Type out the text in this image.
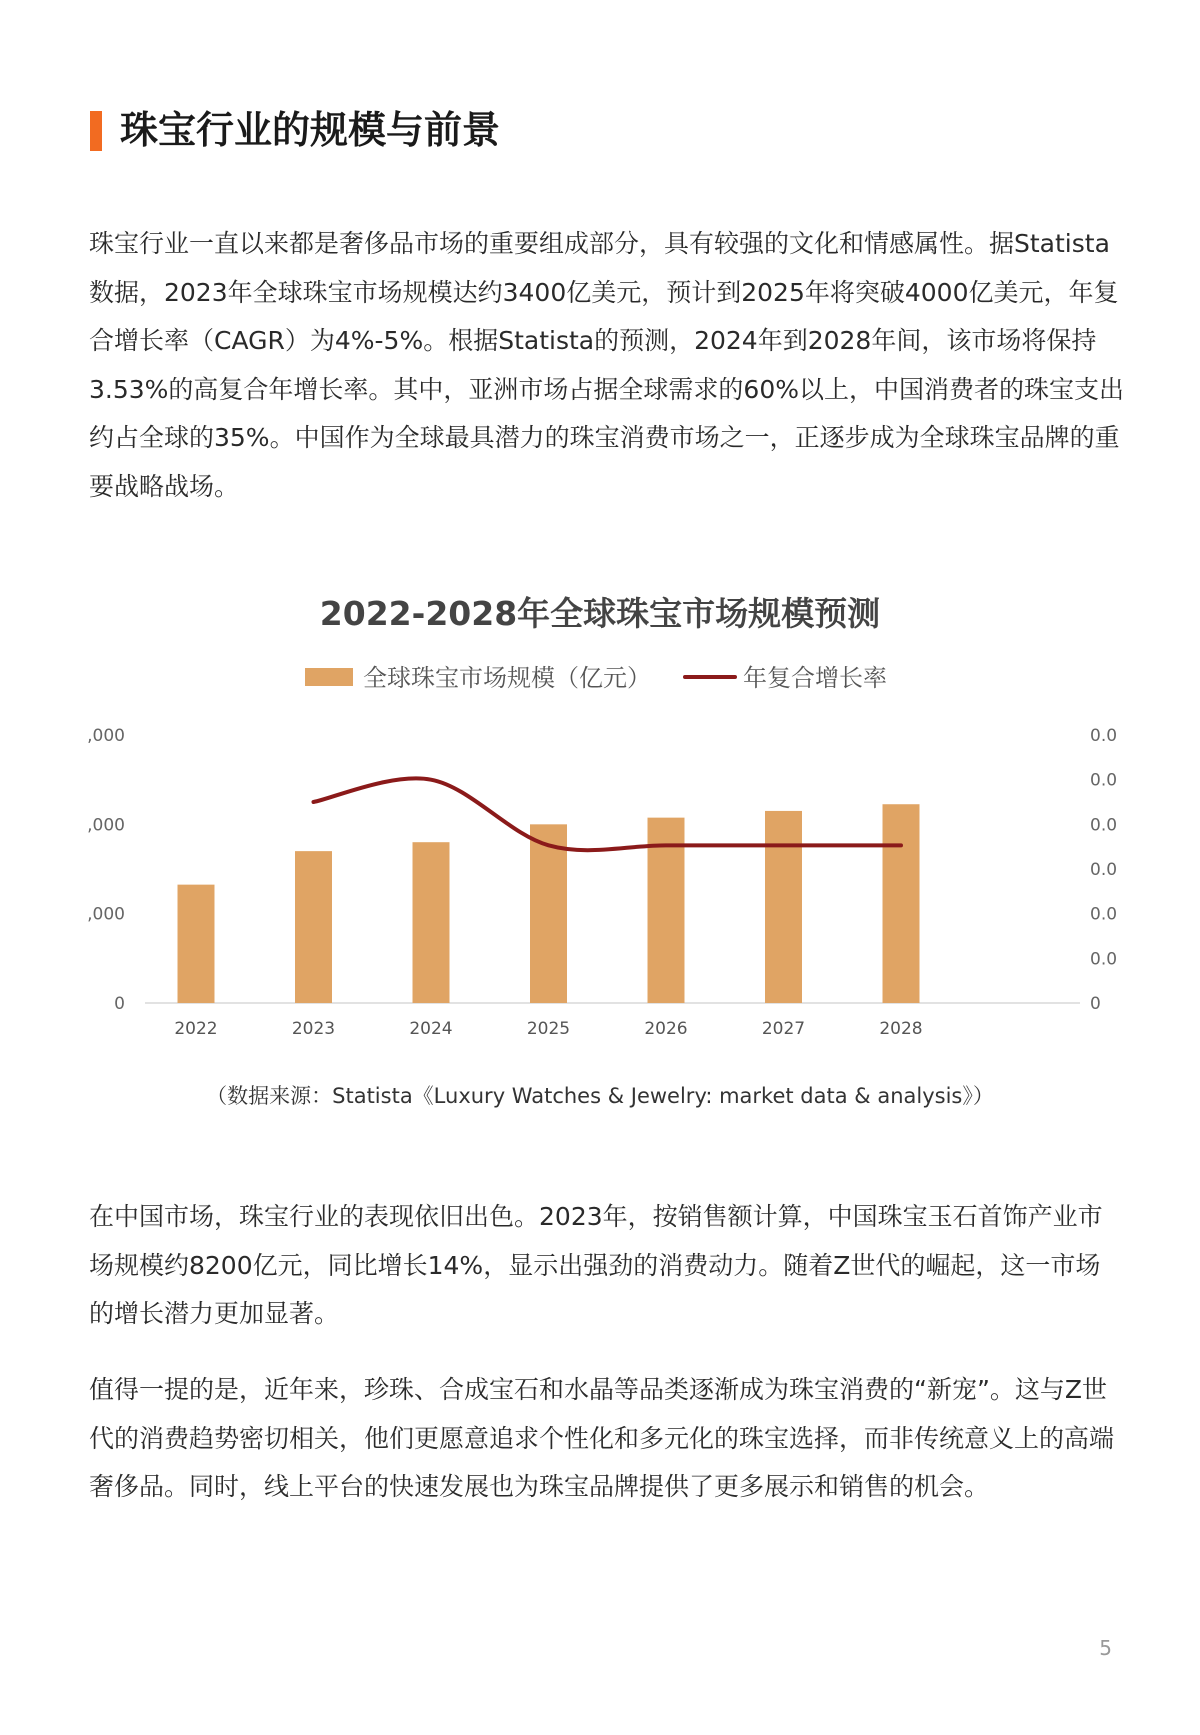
珠宝行业的规模与前景

珠宝行业一直以来都是奢侈品市场的重要组成部分，具有较强的文化和情感属性。据Statista数据，2023年全球珠宝市场规模达约3400亿美元，预计到2025年将突破4000亿美元，年复合增长率（CAGR）为4%-5%。根据Statista的预测，2024年到2028年间，该市场将保持3.53%的高复合年增长率。其中，亚洲市场占据全球需求的60%以上，中国消费者的珠宝支出约占全球的35%。中国作为全球最具潜力的珠宝消费市场之一，正逐步成为全球珠宝品牌的重要战略战场。

2022-2028年全球珠宝市场规模预测
全球珠宝市场规模（亿元）	年复合增长率
0
,000
,000
,000
0
0.0
0.0
0.0
0.0
0.0
0.0
2022	2023	2024	2025	2026	2027	2028
（数据来源：Statista《Luxury Watches & Jewelry: market data & analysis》）

在中国市场，珠宝行业的表现依旧出色。2023年，按销售额计算，中国珠宝玉石首饰产业市场规模约8200亿元，同比增长14%，显示出强劲的消费动力。随着Z世代的崛起，这一市场的增长潜力更加显著。

值得一提的是，近年来，珍珠、合成宝石和水晶等品类逐渐成为珠宝消费的“新宠”。这与Z世代的消费趋势密切相关，他们更愿意追求个性化和多元化的珠宝选择，而非传统意义上的高端奢侈品。同时，线上平台的快速发展也为珠宝品牌提供了更多展示和销售的机会。

5
